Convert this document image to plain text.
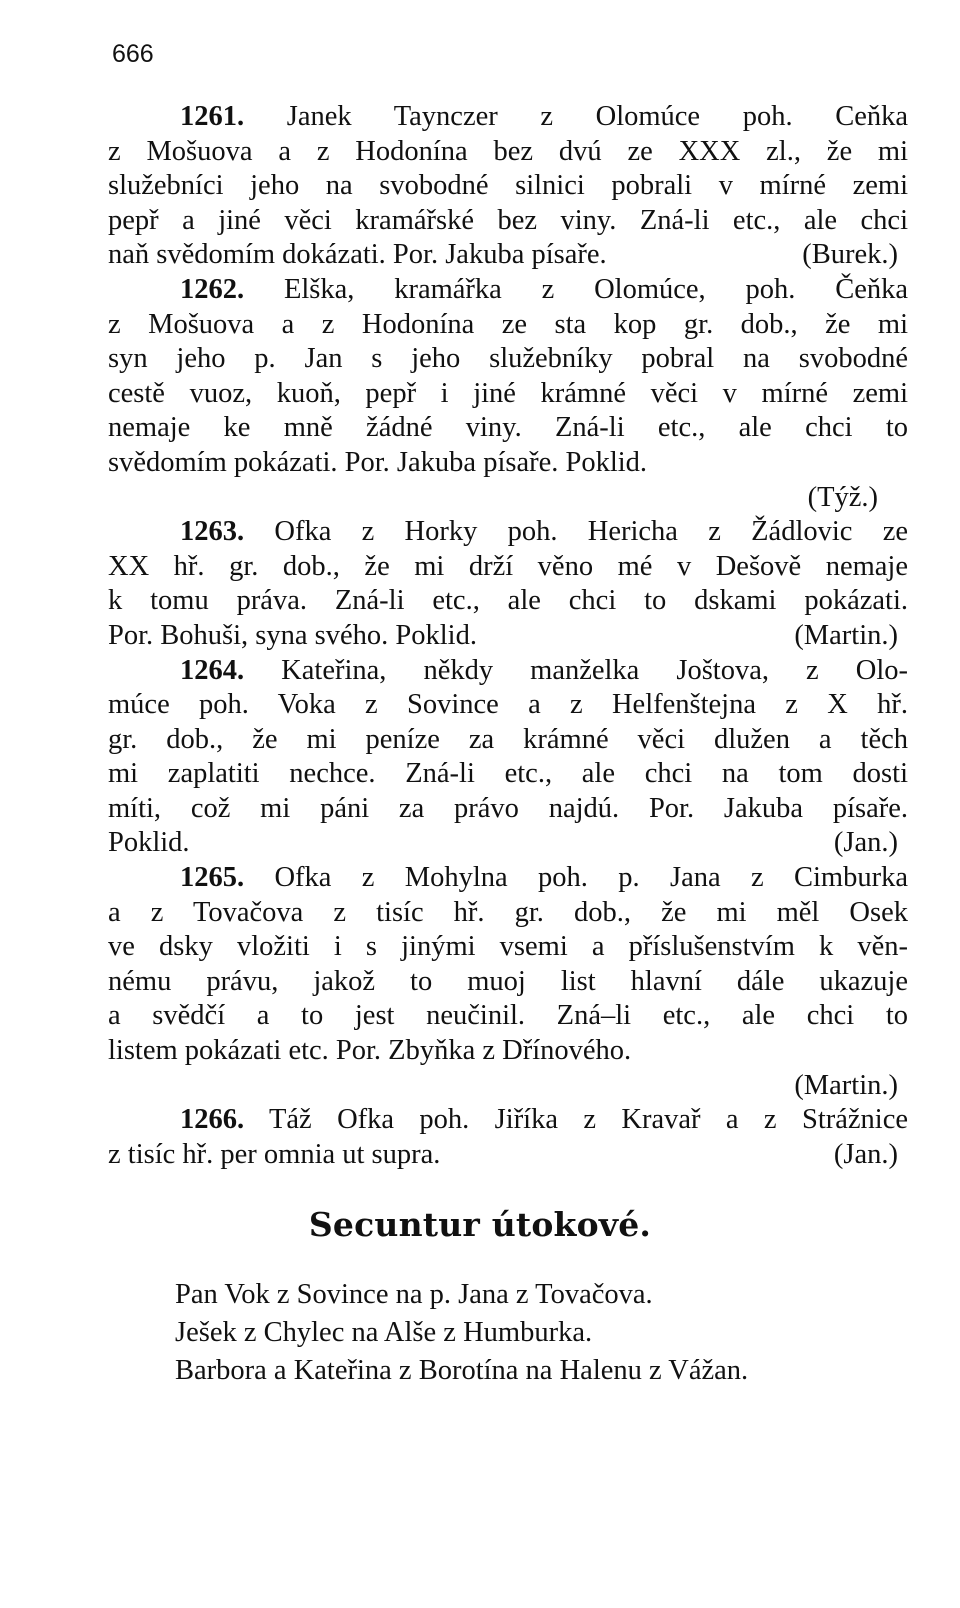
666
1261. Janek Taynczer z Olomúce poh. Ceňka
z Mošuova a z Hodonína bez dvú ze XXX zl., že mi
služebníci jeho na svobodné silnici pobrali v mírné zemi
pepř a jiné věci kramářské bez viny. Zná-li etc., ale chci
naň svědomím dokázati. Por. Jakuba písaře.	(Burek.)
1262. Elška, kramářka z Olomúce, poh. Čeňka
z Mošuova a z Hodonína ze sta kop gr. dob., že mi
syn jeho p. Jan s jeho služebníky pobral na svobodné
cestě vuoz, kuoň, pepř i jiné krámné věci v mírné zemi
nemaje ke mně žádné viny. Zná-li etc., ale chci to
svědomím pokázati. Por. Jakuba písaře. Poklid.
(Týž.)
1263. Ofka z Horky poh. Hericha z Žádlovic ze
XX hř. gr. dob., že mi drží věno mé v Dešově nemaje
k tomu práva. Zná-li etc., ale chci to dskami pokázati.
Por. Bohuši, syna svého. Poklid.	(Martin.)
1264. Kateřina, někdy manželka Joštova, z Olo-
múce poh. Voka z Sovince a z Helfenštejna z X hř.
gr. dob., že mi peníze za krámné věci dlužen a těch
mi zaplatiti nechce. Zná-li etc., ale chci na tom dosti
míti, což mi páni za právo najdú. Por. Jakuba písaře.
Poklid.	(Jan.)
1265. Ofka z Mohylna poh. p. Jana z Cimburka
a z Tovačova z tisíc hř. gr. dob., že mi měl Osek
ve dsky vložiti i s jinými vsemi a příslušenstvím k věn-
nému právu, jakož to muoj list hlavní dále ukazuje
a svědčí a to jest neučinil. Zná–li etc., ale chci to
listem pokázati etc. Por. Zbyňka z Dřínového.
(Martin.)
1266. Táž Ofka poh. Jiříka z Kravař a z Strážnice
z tisíc hř. per omnia ut supra.	(Jan.)
Secuntur útokové.
Pan Vok z Sovince na p. Jana z Tovačova.
Ješek z Chylec na Alše z Humburka.
Barbora a Kateřina z Borotína na Halenu z Vážan.
